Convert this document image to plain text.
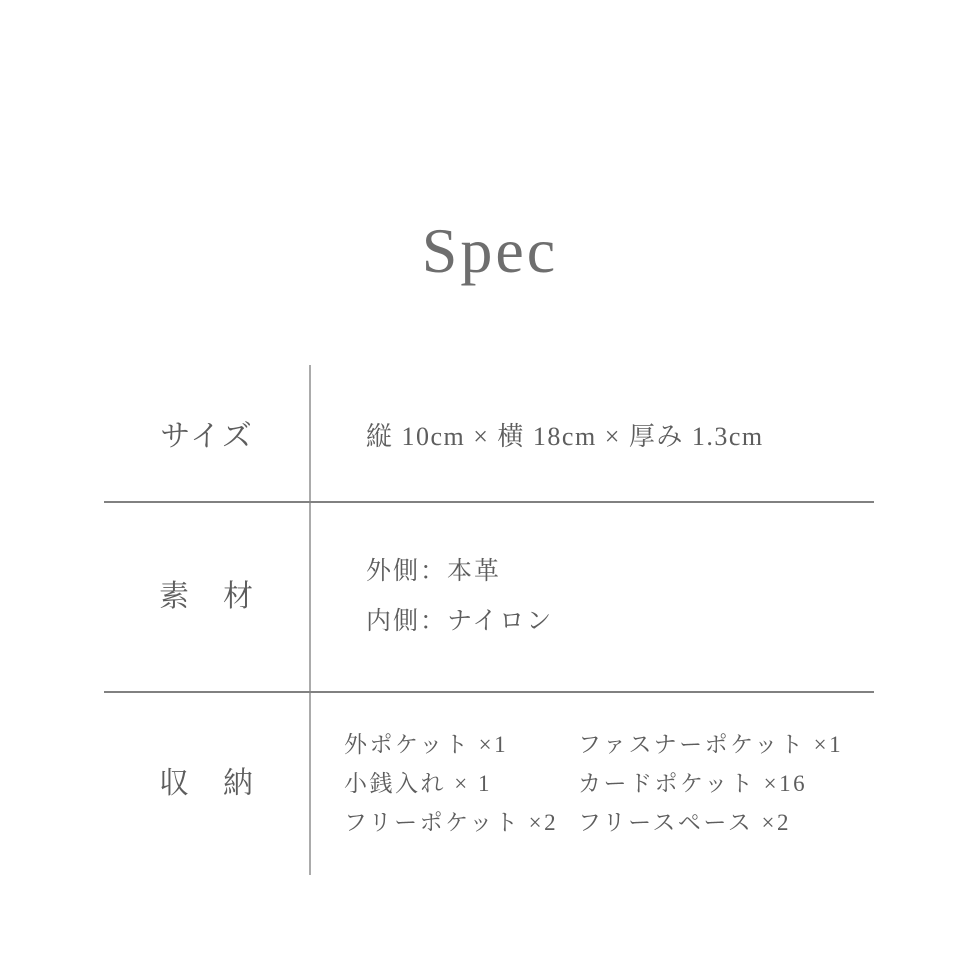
Spec
サイズ	縦 10cm × 横 18cm × 厚み 1.3cm
素　材
外側：本革
内側：ナイロン
収　納
外ポケット ×1
小銭入れ × 1
フリーポケット ×2
ファスナーポケット ×1
カードポケット ×16
フリースペース ×2
